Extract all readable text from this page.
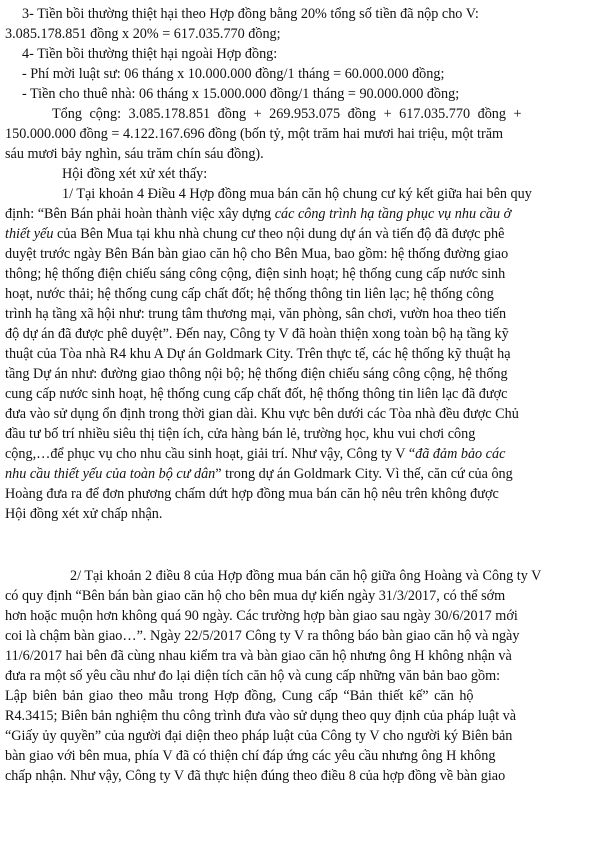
3- Tiền bồi thường thiệt hại theo Hợp đồng bằng 20% tổng số tiền đã nộp cho V:
3.085.178.851 đồng x 20% = 617.035.770 đồng;
4- Tiền bồi thường thiệt hại ngoài Hợp đồng:
- Phí mời luật sư: 06 tháng x 10.000.000 đồng/1 tháng = 60.000.000 đồng;
- Tiền cho thuê nhà: 06 tháng x 15.000.000 đồng/1 tháng = 90.000.000 đồng;
Tổng cộng: 3.085.178.851 đồng + 269.953.075 đồng + 617.035.770 đồng +
150.000.000 đồng = 4.122.167.696 đồng (bốn tỷ, một trăm hai mươi hai triệu, một trăm
sáu mươi bảy nghìn, sáu trăm chín sáu đồng).
Hội đồng xét xử xét thấy:
1/ Tại khoản 4 Điều 4 Hợp đồng mua bán căn hộ chung cư ký kết giữa hai bên quy
định: “Bên Bán phải hoàn thành việc xây dựng các công trình hạ tầng phục vụ nhu cầu ở
thiết yếu của Bên Mua tại khu nhà chung cư theo nội dung dự án và tiến độ đã được phê
duyệt trước ngày Bên Bán bàn giao căn hộ cho Bên Mua, bao gồm: hệ thống đường giao
thông; hệ thống điện chiếu sáng công cộng, điện sinh hoạt; hệ thống cung cấp nước sinh
hoạt, nước thải; hệ thống cung cấp chất đốt; hệ thống thông tin liên lạc; hệ thống công
trình hạ tầng xã hội như: trung tâm thương mại, văn phòng, sân chơi, vườn hoa theo tiến
độ dự án đã được phê duyệt”. Đến nay, Công ty V đã hoàn thiện xong toàn bộ hạ tầng kỹ
thuật của Tòa nhà R4 khu A Dự án Goldmark City. Trên thực tế, các hệ thống kỹ thuật hạ
tầng Dự án như: đường giao thông nội bộ; hệ thống điện chiếu sáng công cộng, hệ thống
cung cấp nước sinh hoạt, hệ thống cung cấp chất đốt, hệ thống thông tin liên lạc đã được
đưa vào sử dụng ổn định trong thời gian dài. Khu vực bên dưới các Tòa nhà đều được Chủ
đầu tư bố trí nhiều siêu thị tiện ích, cửa hàng bán lẻ, trường học, khu vui chơi công
cộng,…để phục vụ cho nhu cầu sinh hoạt, giải trí. Như vậy, Công ty V “đã đảm bảo các
nhu cầu thiết yếu của toàn bộ cư dân” trong dự án Goldmark City. Vì thế, căn cứ của ông
Hoàng đưa ra để đơn phương chấm dứt hợp đồng mua bán căn hộ nêu trên không được
Hội đồng xét xử chấp nhận.
2/ Tại khoản 2 điều 8 của Hợp đồng mua bán căn hộ giữa ông Hoàng và Công ty V
có quy định “Bên bán bàn giao căn hộ cho bên mua dự kiến ngày 31/3/2017, có thể sớm
hơn hoặc muộn hơn không quá 90 ngày. Các trường hợp bàn giao sau ngày 30/6/2017 mới
coi là chậm bàn giao…”. Ngày 22/5/2017 Công ty V ra thông báo bàn giao căn hộ và ngày
11/6/2017 hai bên đã cùng nhau kiểm tra và bàn giao căn hộ nhưng ông H không nhận và
đưa ra một số yêu cầu như đo lại diện tích căn hộ và cung cấp những văn bản bao gồm:
Lập biên bản giao theo mẫu trong Hợp đồng, Cung cấp “Bản thiết kế” căn hộ
R4.3415; Biên bản nghiệm thu công trình đưa vào sử dụng theo quy định của pháp luật và
“Giấy ủy quyền” của người đại diện theo pháp luật của Công ty V cho người ký Biên bản
bàn giao với bên mua, phía V đã có thiện chí đáp ứng các yêu cầu nhưng ông H không
chấp nhận. Như vậy, Công ty V đã thực hiện đúng theo điều 8 của hợp đồng về bàn giao
